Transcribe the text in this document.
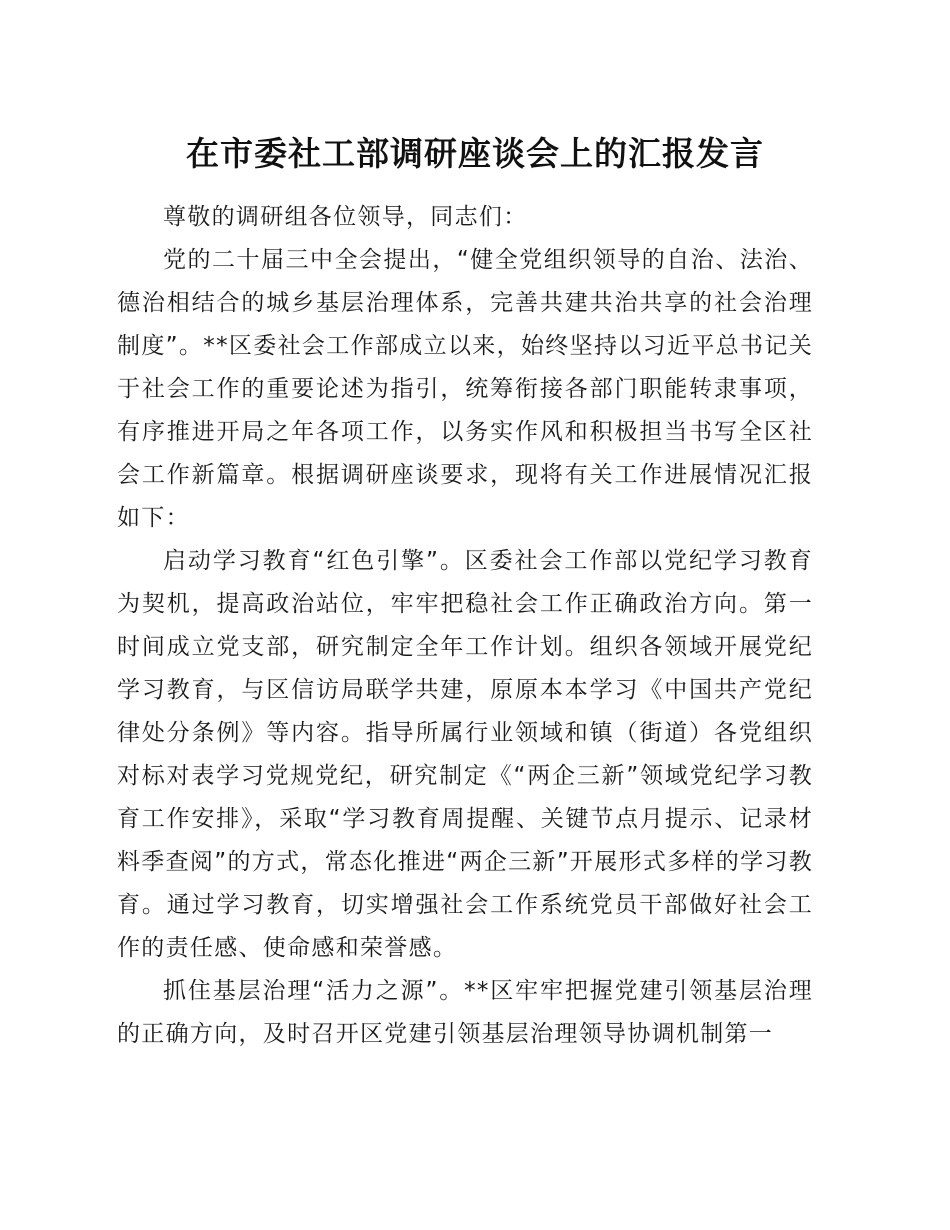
在市委社工部调研座谈会上的汇报发言

尊敬的调研组各位领导，同志们：

党的二十届三中全会提出，“健全党组织领导的自治、法治、德治相结合的城乡基层治理体系，完善共建共治共享的社会治理制度”。**区委社会工作部成立以来，始终坚持以习近平总书记关于社会工作的重要论述为指引，统筹衔接各部门职能转隶事项，有序推进开局之年各项工作，以务实作风和积极担当书写全区社会工作新篇章。根据调研座谈要求，现将有关工作进展情况汇报如下：

启动学习教育“红色引擎”。区委社会工作部以党纪学习教育为契机，提高政治站位，牢牢把稳社会工作正确政治方向。第一时间成立党支部，研究制定全年工作计划。组织各领域开展党纪学习教育，与区信访局联学共建，原原本本学习《中国共产党纪律处分条例》等内容。指导所属行业领域和镇（街道）各党组织对标对表学习党规党纪，研究制定《“两企三新”领域党纪学习教育工作安排》，采取“学习教育周提醒、关键节点月提示、记录材料季查阅”的方式，常态化推进“两企三新”开展形式多样的学习教育。通过学习教育，切实增强社会工作系统党员干部做好社会工作的责任感、使命感和荣誉感。

抓住基层治理“活力之源”。**区牢牢把握党建引领基层治理的正确方向，及时召开区党建引领基层治理领导协调机制第一
